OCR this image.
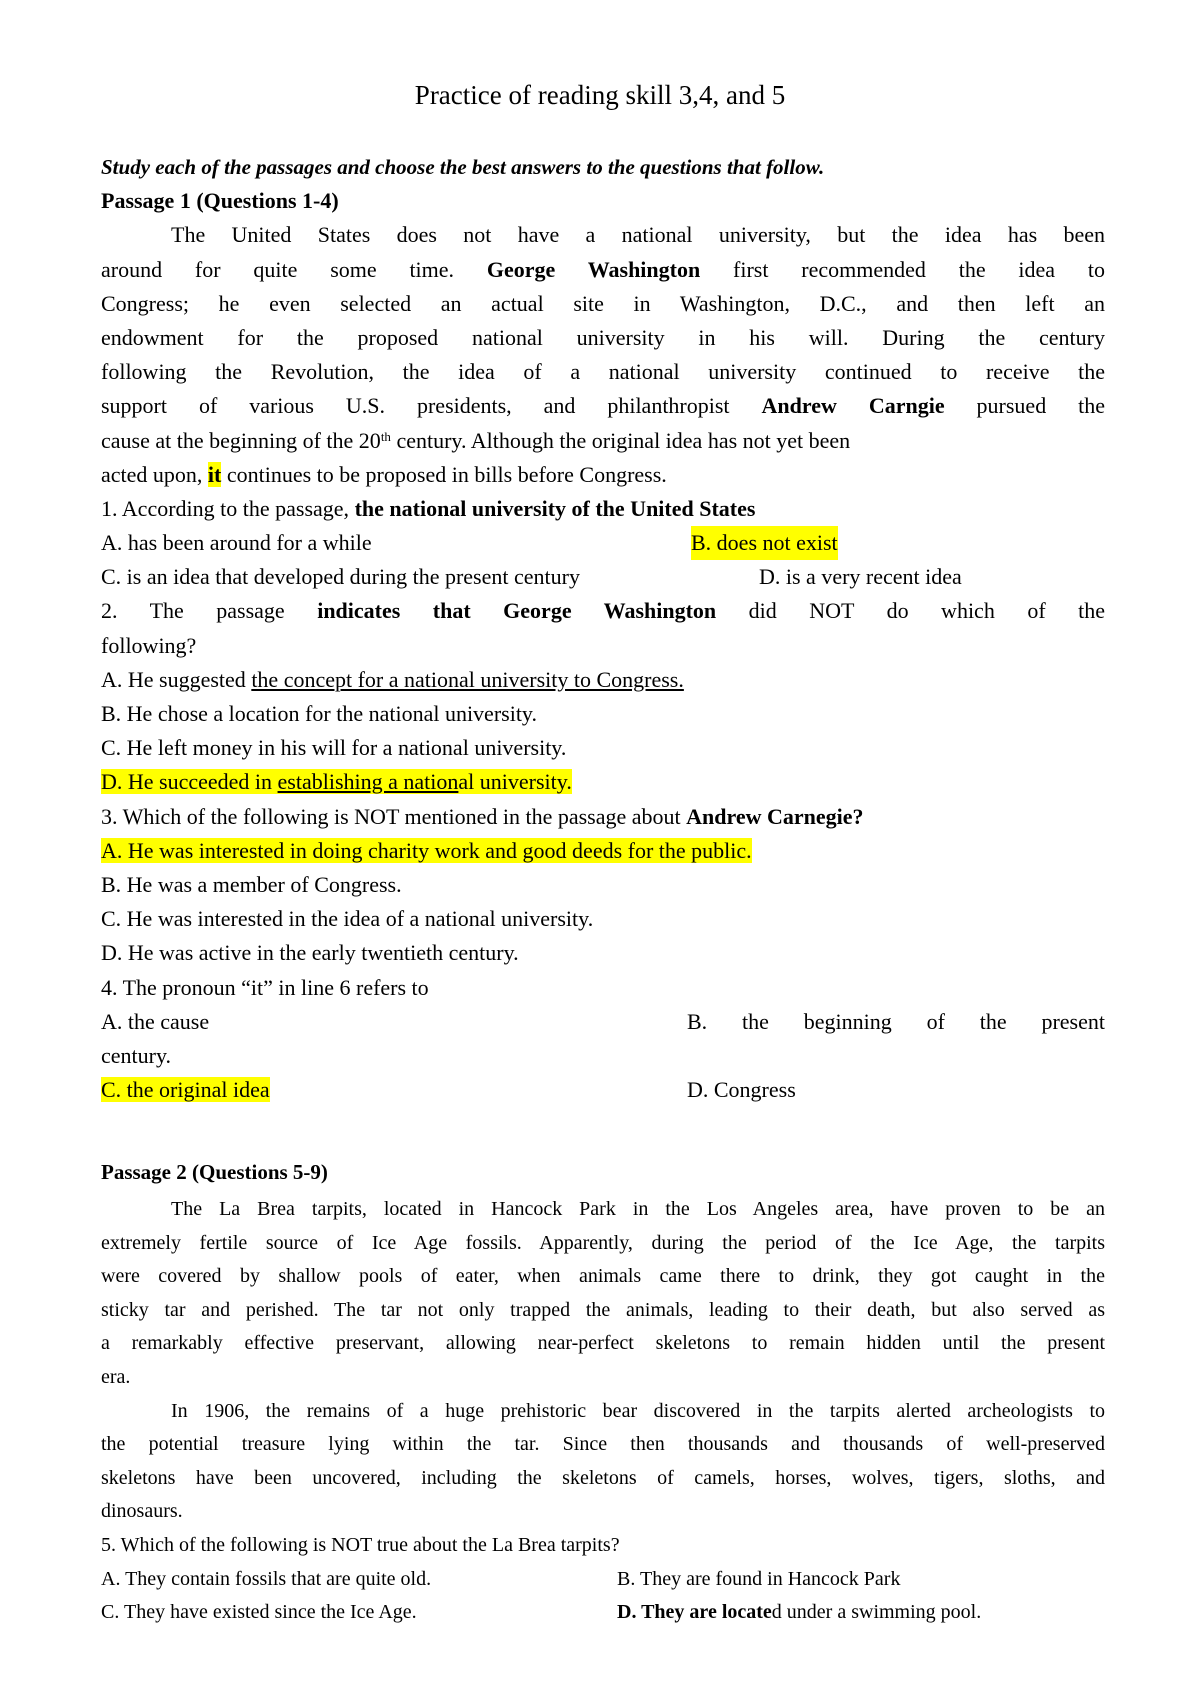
Practice of reading skill 3,4, and 5
Study each of the passages and choose the best answers to the questions that follow.
Passage 1 (Questions 1-4)
The United States does not have a national university, but the idea has been
around for quite some time. George Washington first recommended the idea to
Congress; he even selected an actual site in Washington, D.C., and then left an
endowment for the proposed national university in his will. During the century
following the Revolution, the idea of a national university continued to receive the
support of various U.S. presidents, and philanthropist Andrew Carngie pursued the
cause at the beginning of the 20th century. Although the original idea has not yet been
acted upon, it continues to be proposed in bills before Congress.
1. According to the passage, the national university of the United States
A. has been around for a while	B. does not exist
C. is an idea that developed during the present century	D. is a very recent idea
2. The passage indicates that George Washington did NOT do which of the
following?
A. He suggested the concept for a national university to Congress.
B. He chose a location for the national university.
C. He left money in his will for a national university.
D. He succeeded in establishing a national university.
3. Which of the following is NOT mentioned in the passage about Andrew Carnegie?
A. He was interested in doing charity work and good deeds for the public.
B. He was a member of Congress.
C. He was interested in the idea of a national university.
D. He was active in the early twentieth century.
4. The pronoun “it” in line 6 refers to
A. the cause	B. the beginning of the present
century.
C. the original idea	D. Congress
Passage 2 (Questions 5-9)
The La Brea tarpits, located in Hancock Park in the Los Angeles area, have proven to be an
extremely fertile source of Ice Age fossils. Apparently, during the period of the Ice Age, the tarpits
were covered by shallow pools of eater, when animals came there to drink, they got caught in the
sticky tar and perished. The tar not only trapped the animals, leading to their death, but also served as
a remarkably effective preservant, allowing near-perfect skeletons to remain hidden until the present
era.
In 1906, the remains of a huge prehistoric bear discovered in the tarpits alerted archeologists to
the potential treasure lying within the tar. Since then thousands and thousands of well-preserved
skeletons have been uncovered, including the skeletons of camels, horses, wolves, tigers, sloths, and
dinosaurs.
5. Which of the following is NOT true about the La Brea tarpits?
A. They contain fossils that are quite old.	B. They are found in Hancock Park
C. They have existed since the Ice Age.	D. They are located under a swimming pool.
